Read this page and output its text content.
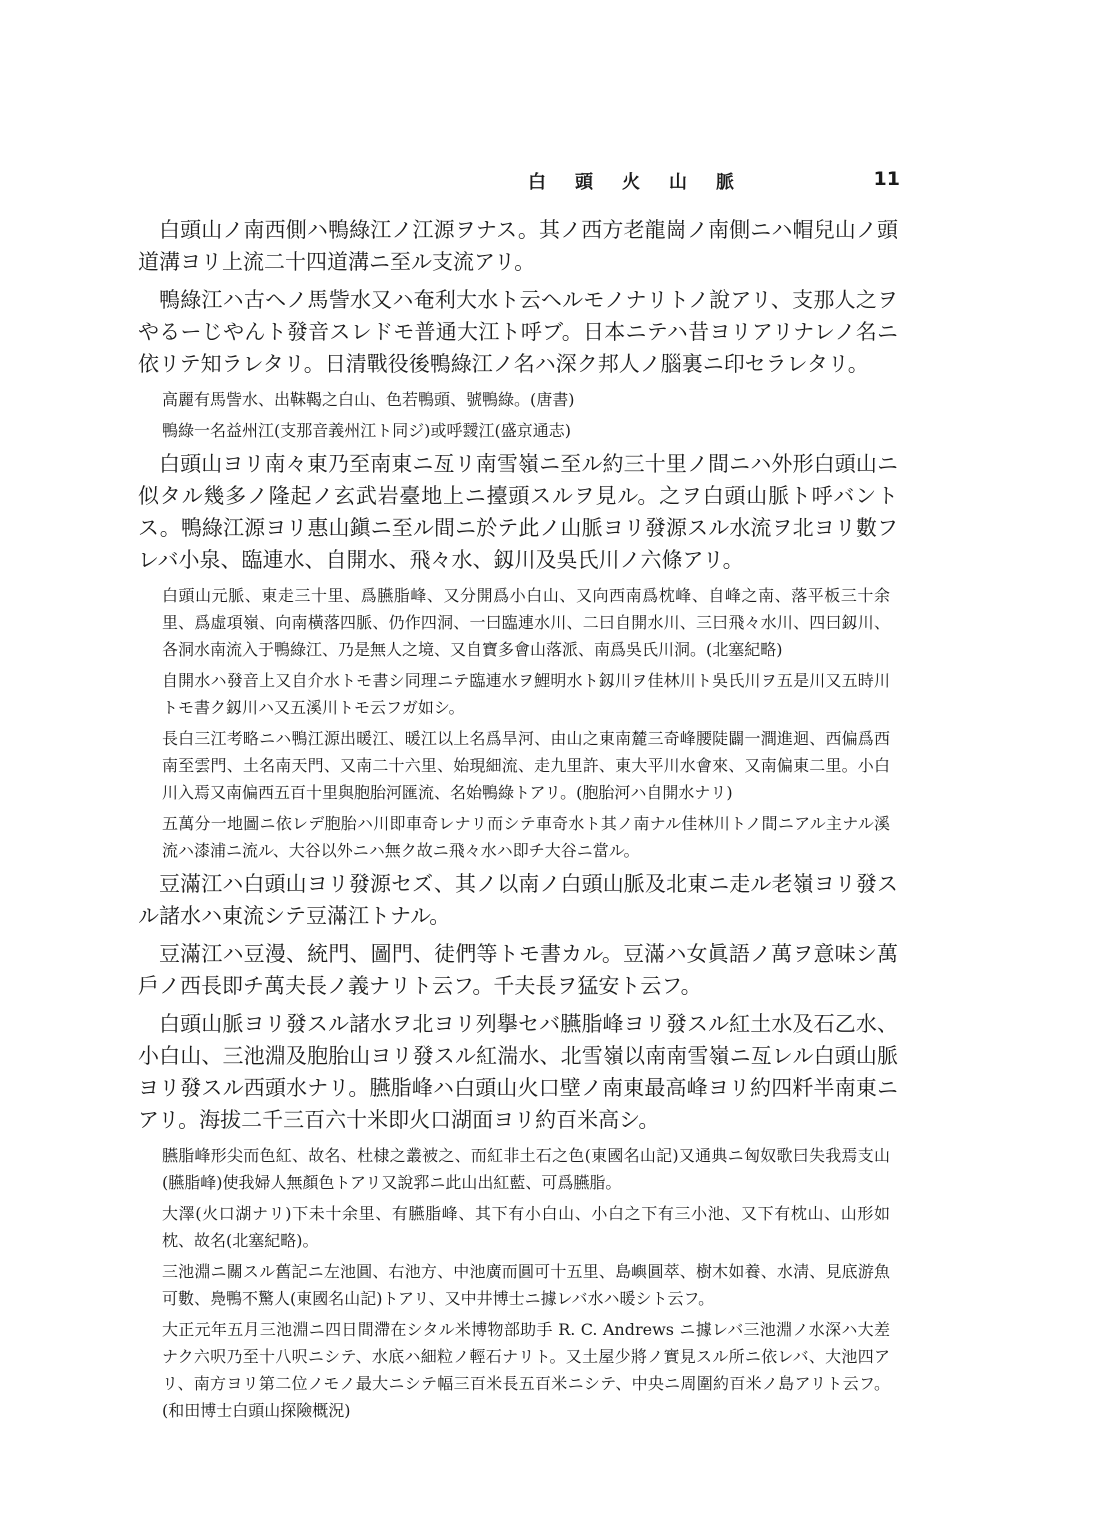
白 頭 火 山 脈	11

白頭山ノ南西側ハ鴨綠江ノ江源ヲナス。其ノ西方老龍崗ノ南側ニハ帽兒山ノ頭道溝ヨリ上流二十四道溝ニ至ル支流アリ。

鴨綠江ハ古ヘノ馬訾水又ハ奄利大水ト云ヘルモノナリトノ說アリ、支那人之ヲやるーじやんト發音スレドモ普通大江ト呼ブ。日本ニテハ昔ヨリアリナレノ名ニ依リテ知ラレタリ。日清戰役後鴨綠江ノ名ハ深ク邦人ノ腦裏ニ印セラレタリ。

高麗有馬訾水、出靺鞨之白山、色若鴨頭、號鴨綠。(唐書)

鴨綠一名益州江(支那音義州江ト同ジ)或呼靉江(盛京通志)

白頭山ヨリ南々東乃至南東ニ亙リ南雪嶺ニ至ル約三十里ノ間ニハ外形白頭山ニ似タル幾多ノ隆起ノ玄武岩臺地上ニ擡頭スルヲ見ル。之ヲ白頭山脈ト呼バントス。鴨綠江源ヨリ惠山鎭ニ至ル間ニ於テ此ノ山脈ヨリ發源スル水流ヲ北ヨリ數フレバ小泉、臨連水、自開水、飛々水、釼川及吳氏川ノ六條アリ。

白頭山元脈、東走三十里、爲臙脂峰、又分開爲小白山、又向西南爲枕峰、自峰之南、落平板三十余里、爲虛項嶺、向南橫落四脈、仍作四洞、一曰臨連水川、二曰自開水川、三曰飛々水川、四曰釼川、各洞水南流入于鴨綠江、乃是無人之境、又自寶多會山落派、南爲吳氏川洞。(北塞紀略)

自開水ハ發音上又自介水トモ書シ同理ニテ臨連水ヲ鯉明水ト釼川ヲ佳林川ト吳氏川ヲ五是川又五時川トモ書ク釼川ハ又五溪川トモ云フガ如シ。

長白三江考略ニハ鴨江源出暖江、暖江以上名爲旱河、由山之東南麓三奇峰腰陡闢一澗進迴、西偏爲西南至雲門、土名南天門、又南二十六里、始現細流、走九里許、東大平川水會來、又南偏東二里。小白川入焉又南偏西五百十里與胞胎河匯流、名始鴨綠トアリ。(胞胎河ハ自開水ナリ)

五萬分一地圖ニ依レデ胞胎ハ川即車奇レナリ而シテ車奇水ト其ノ南ナル佳林川トノ間ニアル主ナル溪流ハ漆浦ニ流ル、大谷以外ニハ無ク故ニ飛々水ハ即チ大谷ニ當ル。

豆滿江ハ白頭山ヨリ發源セズ、其ノ以南ノ白頭山脈及北東ニ走ル老嶺ヨリ發スル諸水ハ東流シテ豆滿江トナル。

豆滿江ハ豆漫、統門、圖門、徒們等トモ書カル。豆滿ハ女眞語ノ萬ヲ意味シ萬戶ノ西長即チ萬夫長ノ義ナリト云フ。千夫長ヲ猛安ト云フ。

白頭山脈ヨリ發スル諸水ヲ北ヨリ列擧セバ臙脂峰ヨリ發スル紅土水及石乙水、小白山、三池淵及胞胎山ヨリ發スル紅湍水、北雪嶺以南南雪嶺ニ亙レル白頭山脈ヨリ發スル西頭水ナリ。臙脂峰ハ白頭山火口壁ノ南東最高峰ヨリ約四粁半南東ニアリ。海拔二千三百六十米即火口湖面ヨリ約百米高シ。

臙脂峰形尖而色紅、故名、杜棣之叢被之、而紅非土石之色(東國名山記)又通典ニ匈奴歌曰失我焉支山(臙脂峰)使我婦人無顏色トアリ又說郛ニ此山出紅藍、可爲臙脂。

大澤(火口湖ナリ)下未十余里、有臙脂峰、其下有小白山、小白之下有三小池、又下有枕山、山形如枕、故名(北塞紀略)。

三池淵ニ關スル舊記ニ左池圓、右池方、中池廣而圓可十五里、島嶼圓萃、樹木如養、水淸、見底游魚可數、鳧鴨不驚人(東國名山記)トアリ、又中井博士ニ據レバ水ハ暖シト云フ。

大正元年五月三池淵ニ四日間滯在シタル米博物部助手 R. C. Andrews ニ據レバ三池淵ノ水深ハ大差ナク六呎乃至十八呎ニシテ、水底ハ細粒ノ輕石ナリト。又土屋少將ノ實見スル所ニ依レバ、大池四アリ、南方ヨリ第二位ノモノ最大ニシテ幅三百米長五百米ニシテ、中央ニ周圍約百米ノ島アリト云フ。(和田博士白頭山探險概況)
